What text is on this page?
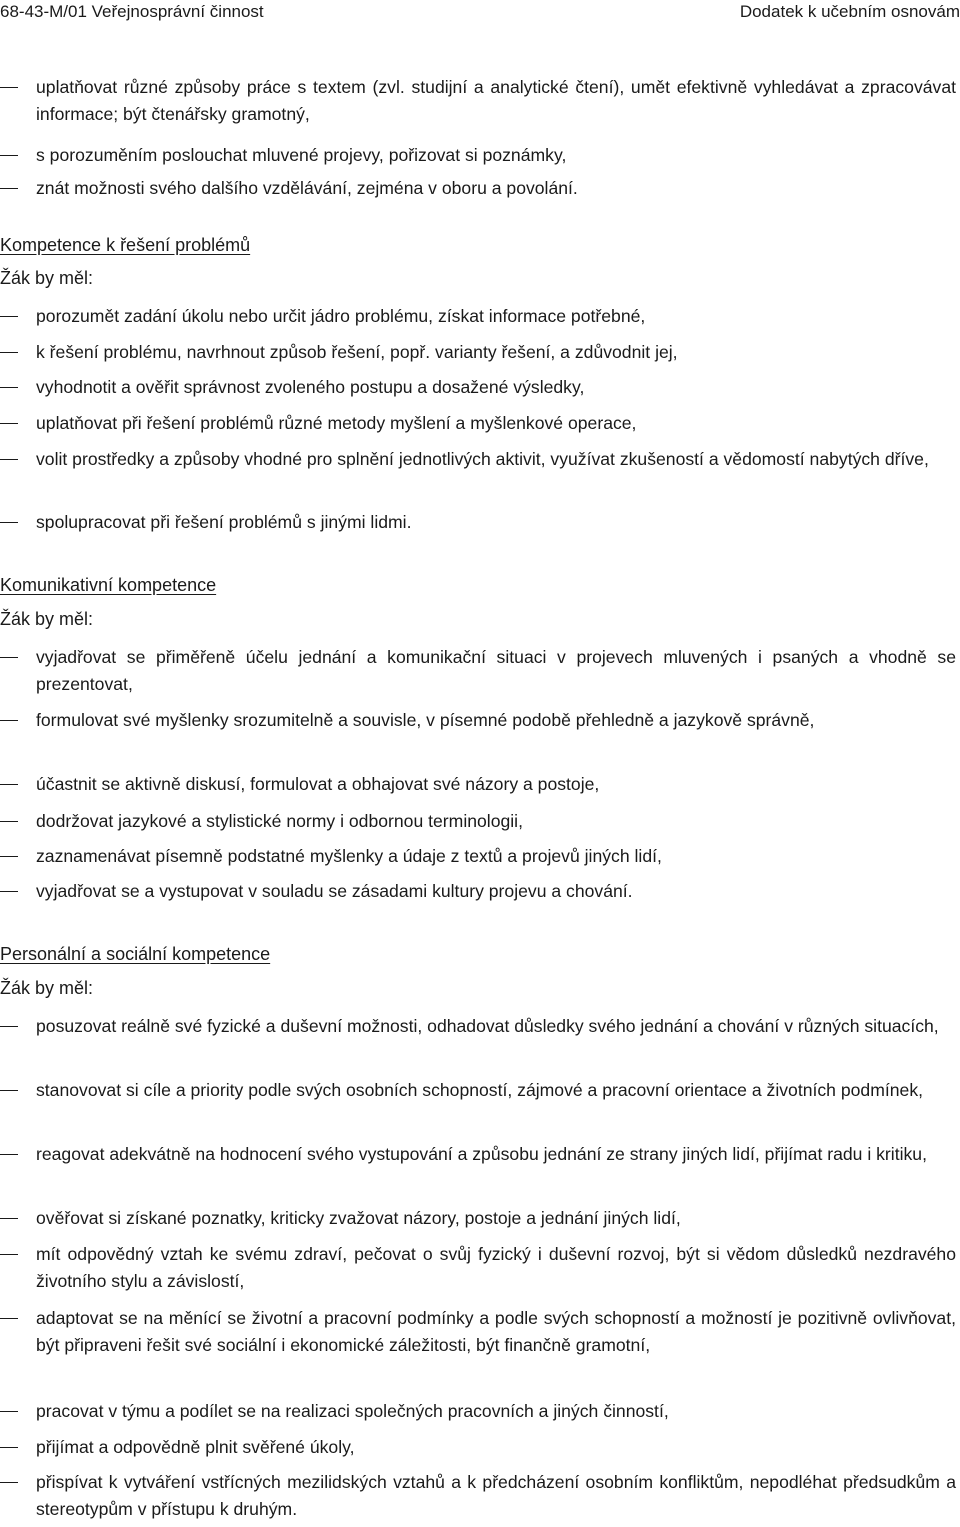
68-43-M/01 Veřejnosprávní činnost	Dodatek k učebním osnovám
uplatňovat různé způsoby práce s textem (zvl. studijní a analytické čtení), umět efektivně vyhledávat a zpracovávat informace; být čtenářsky gramotný,
s porozuměním poslouchat mluvené projevy, pořizovat si poznámky,
znát možnosti svého dalšího vzdělávání, zejména v oboru a povolání.
Kompetence k řešení problémů
Žák by měl:
porozumět zadání úkolu nebo určit jádro problému, získat informace potřebné,
k řešení problému, navrhnout způsob řešení, popř. varianty řešení, a zdůvodnit jej,
vyhodnotit a ověřit správnost zvoleného postupu a dosažené výsledky,
uplatňovat při řešení problémů různé metody myšlení a myšlenkové operace,
volit prostředky a způsoby vhodné pro splnění jednotlivých aktivit, využívat zkušeností a vědomostí nabytých dříve,
spolupracovat při řešení problémů s jinými lidmi.
Komunikativní kompetence
Žák by měl:
vyjadřovat se přiměřeně účelu jednání a komunikační situaci v projevech mluvených i psaných a vhodně se prezentovat,
formulovat své myšlenky srozumitelně a souvisle, v písemné podobě přehledně a jazykově správně,
účastnit se aktivně diskusí, formulovat a obhajovat své názory a postoje,
dodržovat jazykové a stylistické normy i odbornou terminologii,
zaznamenávat písemně podstatné myšlenky a údaje z textů a projevů jiných lidí,
vyjadřovat se a vystupovat v souladu se zásadami kultury projevu a chování.
Personální a sociální kompetence
Žák by měl:
posuzovat reálně své fyzické a duševní možnosti, odhadovat důsledky svého jednání a chování v různých situacích,
stanovovat si cíle a priority podle svých osobních schopností, zájmové a pracovní orientace a životních podmínek,
reagovat adekvátně na hodnocení svého vystupování a způsobu jednání ze strany jiných lidí, přijímat radu i kritiku,
ověřovat si získané poznatky, kriticky zvažovat názory, postoje a jednání jiných lidí,
mít odpovědný vztah ke svému zdraví, pečovat o svůj fyzický i duševní rozvoj, být si vědom důsledků nezdravého životního stylu a závislostí,
adaptovat se na měnící se životní a pracovní podmínky a podle svých schopností a možností je pozitivně ovlivňovat, být připraveni řešit své sociální i ekonomické záležitosti, být finančně gramotní,
pracovat v týmu a podílet se na realizaci společných pracovních a jiných činností,
přijímat a odpovědně plnit svěřené úkoly,
přispívat k vytváření vstřícných mezilidských vztahů a k předcházení osobním konfliktům, nepodléhat předsudkům a stereotypům v přístupu k druhým.
